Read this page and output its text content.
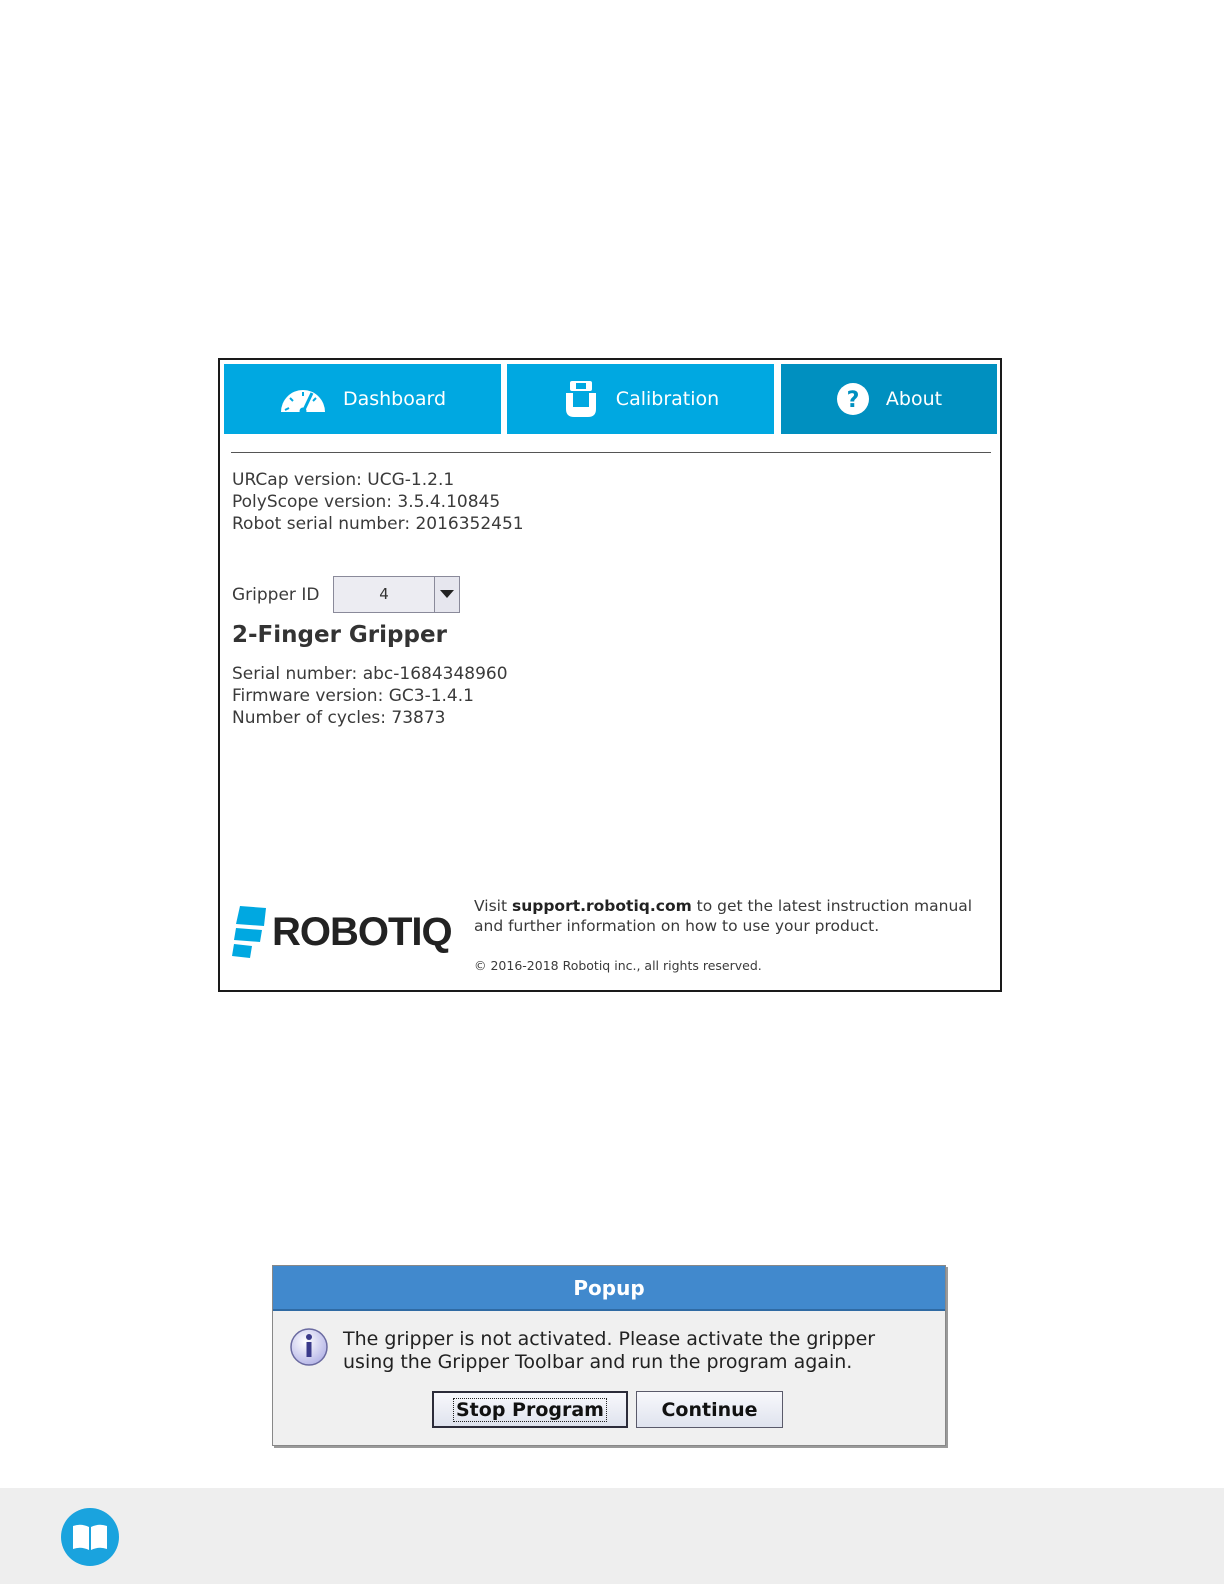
Dashboard	Calibration	? About
URCap version: UCG-1.2.1
PolyScope version: 3.5.4.10845
Robot serial number: 2016352451
Gripper ID	4
2-Finger Gripper
Serial number: abc-1684348960
Firmware version: GC3-1.4.1
Number of cycles: 73873
ROBOTIQ
Visit support.robotiq.com to get the latest instruction manual and further information on how to use your product.
© 2016-2018 Robotiq inc., all rights reserved.
Popup
The gripper is not activated. Please activate the gripper using the Gripper Toolbar and run the program again.
Stop Program	Continue
